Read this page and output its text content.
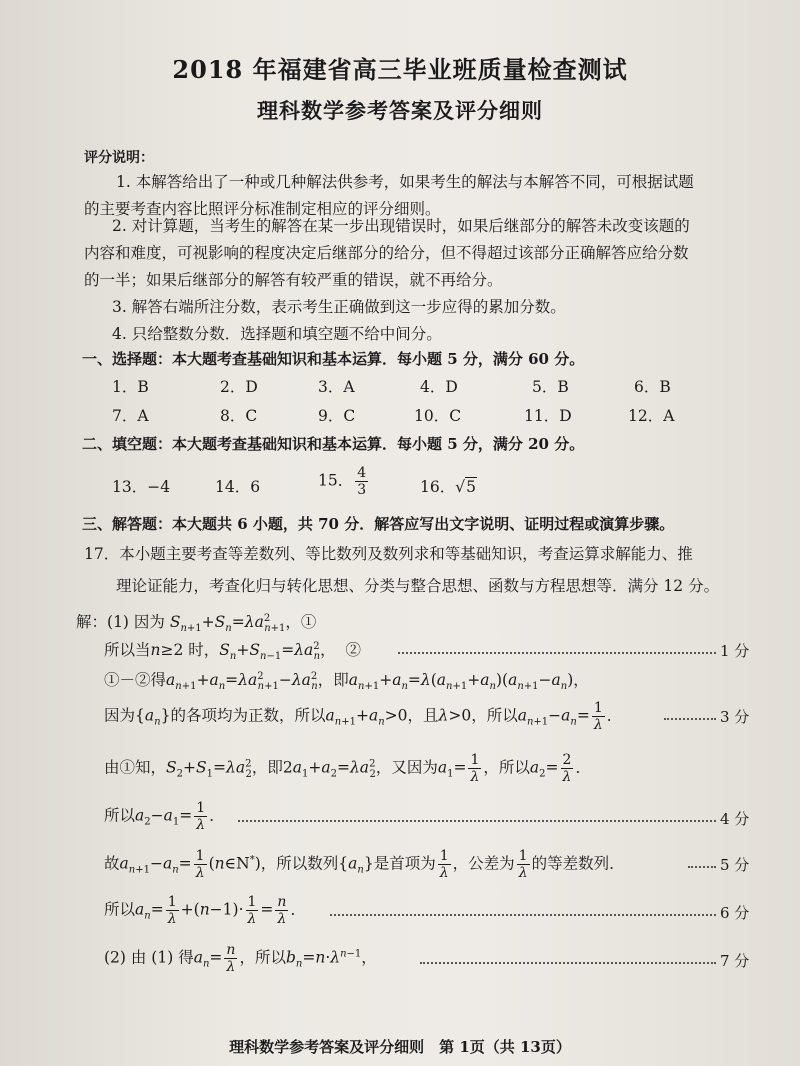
2018 年福建省高三毕业班质量检查测试
理科数学参考答案及评分细则
评分说明：
1. 本解答给出了一种或几种解法供参考，如果考生的解法与本解答不同，可根据试题
的主要考查内容比照评分标准制定相应的评分细则。
2. 对计算题，当考生的解答在某一步出现错误时，如果后继部分的解答未改变该题的
内容和难度，可视影响的程度决定后继部分的给分，但不得超过该部分正确解答应给分数
的一半；如果后继部分的解答有较严重的错误，就不再给分。
3. 解答右端所注分数，表示考生正确做到这一步应得的累加分数。
4. 只给整数分数．选择题和填空题不给中间分。
一、选择题：本大题考查基础知识和基本运算．每小题 5 分，满分 60 分。
1．B	2．D	3．A	4．D	5．B	6．B
7．A	8．C	9．C	10．C	11．D	12．A
二、填空题：本大题考查基础知识和基本运算．每小题 5 分，满分 20 分。
13．−4	14．6	15． $\frac{4}{3}$	16．√5
三、解答题：本大题共 6 小题，共 70 分．解答应写出文字说明、证明过程或演算步骤。
17．本小题主要考查等差数列、等比数列及数列求和等基础知识，考查运算求解能力、推
理论证能力，考查化归与转化思想、分类与整合思想、函数与方程思想等．满分 12 分。
解：(1) 因为 $S_{n+1}+S_n=\lambda a^2_{n+1}$，①
所以当n≥2 时，$S_n+S_{n-1}=\lambda a^2_n$，  ②	1 分
①－②得$a_{n+1}+a_n=\lambda a^2_{n+1}-\lambda a^2_n$，即$a_{n+1}+a_n=\lambda(a_{n+1}+a_n)(a_{n+1}-a_n)$，
因为$\{a_n\}$的各项均为正数，所以$a_{n+1}+a_n>0$，且λ>0，所以$a_{n+1}-a_n= \frac{1}{\lambda}$ ．	3 分
由①知，$S_2+S_1=\lambda a^2_2$，即$2a_1+a_2=\lambda a^2_2$，又因为$a_1= \frac{1}{\lambda}$ ，所以$a_2= \frac{2}{\lambda}$ ．
所以$a_2-a_1= \frac{1}{\lambda}$ ．	4 分
故$a_{n+1}-a_n= \frac{1}{\lambda}$ (n∈N*)，所以数列$\{a_n\}$是首项为 $\frac{1}{\lambda}$ ，公差为 $\frac{1}{\lambda}$ 的等差数列．	5 分
所以$a_n= \frac{1}{\lambda} +(n-1)\cdot \frac{1}{\lambda} = \frac{n}{\lambda}$ ．	6 分
(2) 由 (1) 得$a_n= \frac{n}{\lambda}$ ，所以$b_n=n\cdot\lambda^{n-1}$，	7 分
理科数学参考答案及评分细则　第 1页（共 13页）
